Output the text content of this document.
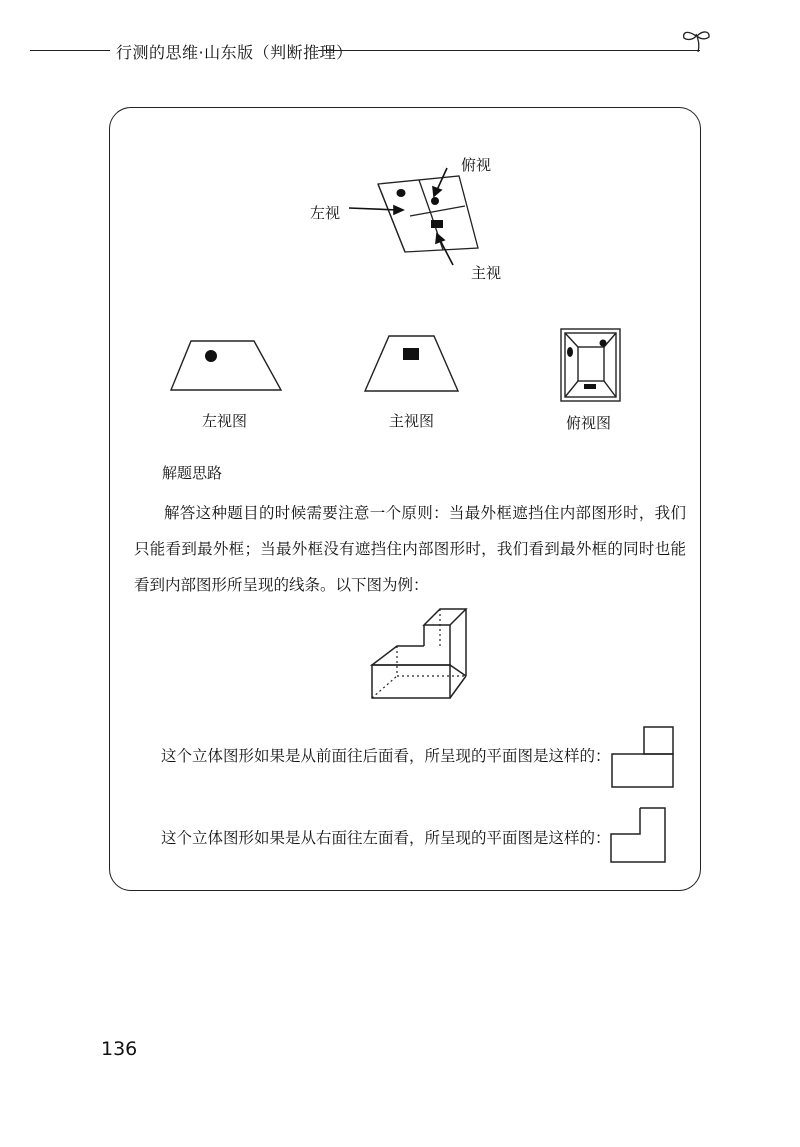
行测的思维·山东版（判断推理）
俯视
左视
主视
左视图	主视图	俯视图
解题思路

解答这种题目的时候需要注意一个原则：当最外框遮挡住内部图形时，我们只能看到最外框；当最外框没有遮挡住内部图形时，我们看到最外框的同时也能看到内部图形所呈现的线条。以下图为例：

这个立体图形如果是从前面往后面看，所呈现的平面图是这样的：
这个立体图形如果是从右面往左面看，所呈现的平面图是这样的：
136
